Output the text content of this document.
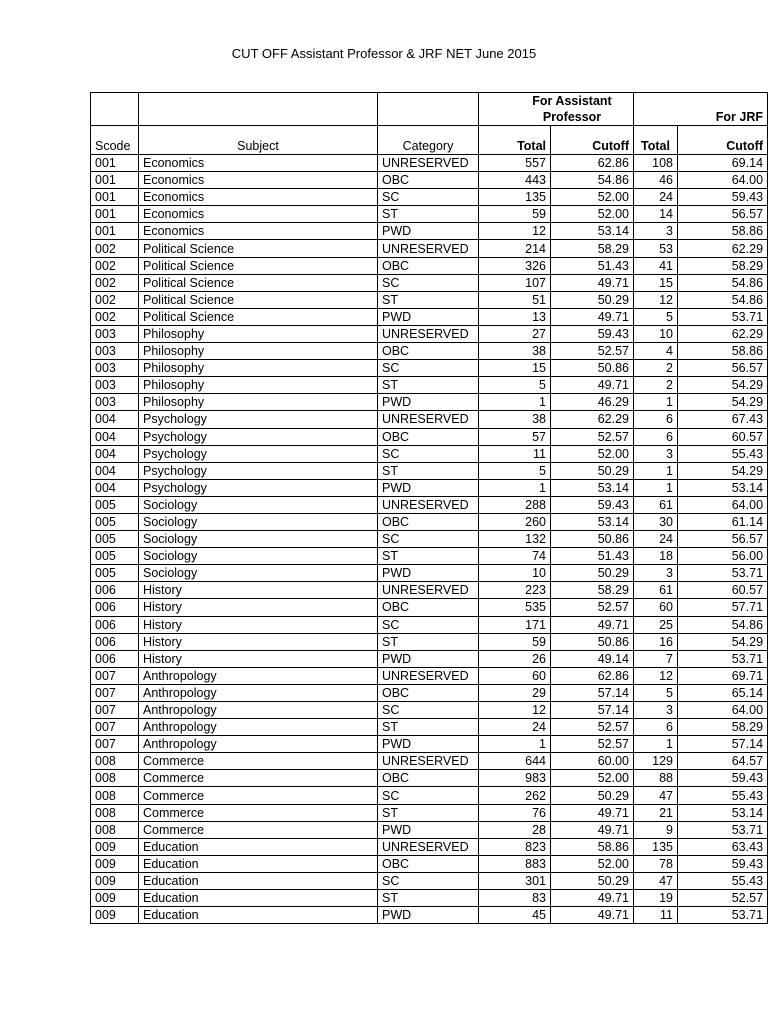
CUT OFF Assistant Professor & JRF NET June 2015
			For Assistant Professor		For JRF	
Scode	Subject	Category	Total	Cutoff	Total	Cutoff
001	Economics	UNRESERVED	557	62.86	108	69.14
001	Economics	OBC	443	54.86	46	64.00
001	Economics	SC	135	52.00	24	59.43
001	Economics	ST	59	52.00	14	56.57
001	Economics	PWD	12	53.14	3	58.86
002	Political Science	UNRESERVED	214	58.29	53	62.29
002	Political Science	OBC	326	51.43	41	58.29
002	Political Science	SC	107	49.71	15	54.86
002	Political Science	ST	51	50.29	12	54.86
002	Political Science	PWD	13	49.71	5	53.71
003	Philosophy	UNRESERVED	27	59.43	10	62.29
003	Philosophy	OBC	38	52.57	4	58.86
003	Philosophy	SC	15	50.86	2	56.57
003	Philosophy	ST	5	49.71	2	54.29
003	Philosophy	PWD	1	46.29	1	54.29
004	Psychology	UNRESERVED	38	62.29	6	67.43
004	Psychology	OBC	57	52.57	6	60.57
004	Psychology	SC	11	52.00	3	55.43
004	Psychology	ST	5	50.29	1	54.29
004	Psychology	PWD	1	53.14	1	53.14
005	Sociology	UNRESERVED	288	59.43	61	64.00
005	Sociology	OBC	260	53.14	30	61.14
005	Sociology	SC	132	50.86	24	56.57
005	Sociology	ST	74	51.43	18	56.00
005	Sociology	PWD	10	50.29	3	53.71
006	History	UNRESERVED	223	58.29	61	60.57
006	History	OBC	535	52.57	60	57.71
006	History	SC	171	49.71	25	54.86
006	History	ST	59	50.86	16	54.29
006	History	PWD	26	49.14	7	53.71
007	Anthropology	UNRESERVED	60	62.86	12	69.71
007	Anthropology	OBC	29	57.14	5	65.14
007	Anthropology	SC	12	57.14	3	64.00
007	Anthropology	ST	24	52.57	6	58.29
007	Anthropology	PWD	1	52.57	1	57.14
008	Commerce	UNRESERVED	644	60.00	129	64.57
008	Commerce	OBC	983	52.00	88	59.43
008	Commerce	SC	262	50.29	47	55.43
008	Commerce	ST	76	49.71	21	53.14
008	Commerce	PWD	28	49.71	9	53.71
009	Education	UNRESERVED	823	58.86	135	63.43
009	Education	OBC	883	52.00	78	59.43
009	Education	SC	301	50.29	47	55.43
009	Education	ST	83	49.71	19	52.57
009	Education	PWD	45	49.71	11	53.71
